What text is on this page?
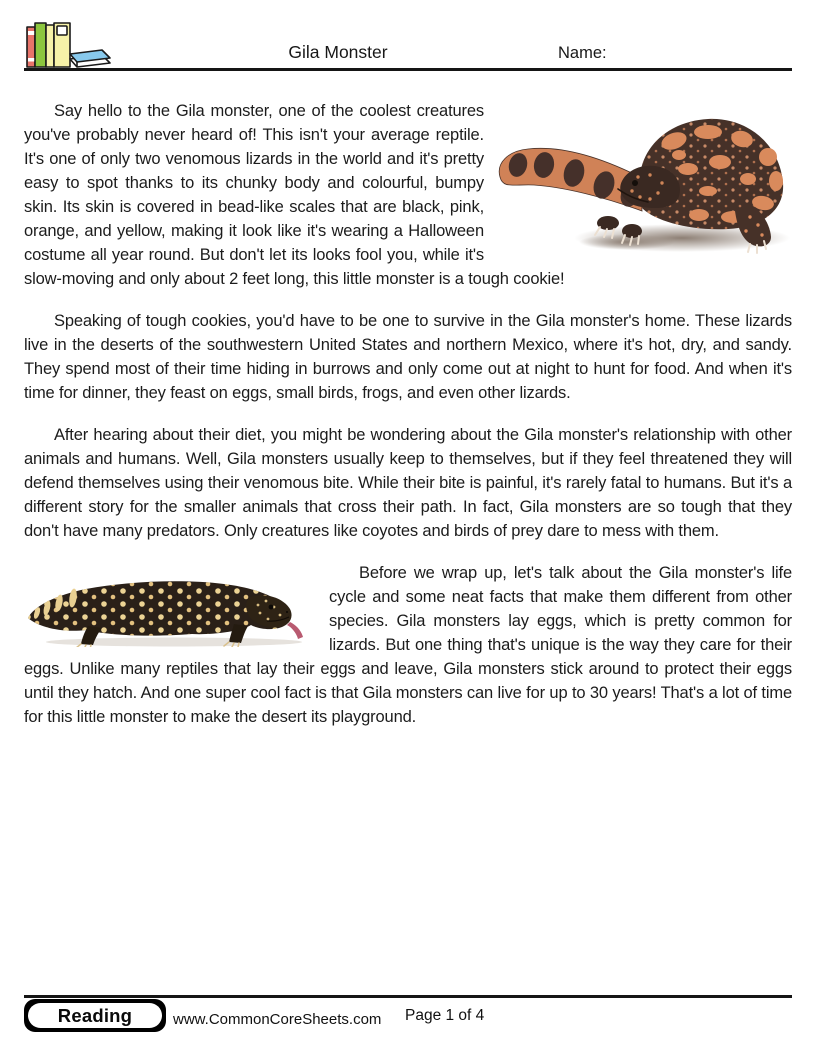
Gila Monster	Name:

Say hello to the Gila monster, one of the coolest creatures you've probably never heard of! This isn't your average reptile. It's one of only two venomous lizards in the world and it's pretty easy to spot thanks to its chunky body and colourful, bumpy skin. Its skin is covered in bead-like scales that are black, pink, orange, and yellow, making it look like it's wearing a Halloween costume all year round. But don't let its looks fool you, while it's slow-moving and only about 2 feet long, this little monster is a tough cookie!

Speaking of tough cookies, you'd have to be one to survive in the Gila monster's home. These lizards live in the deserts of the southwestern United States and northern Mexico, where it's hot, dry, and sandy. They spend most of their time hiding in burrows and only come out at night to hunt for food. And when it's time for dinner, they feast on eggs, small birds, frogs, and even other lizards.

After hearing about their diet, you might be wondering about the Gila monster's relationship with other animals and humans. Well, Gila monsters usually keep to themselves, but if they feel threatened they will defend themselves using their venomous bite. While their bite is painful, it's rarely fatal to humans. But it's a different story for the smaller animals that cross their path. In fact, Gila monsters are so tough that they don't have many predators. Only creatures like coyotes and birds of prey dare to mess with them.

Before we wrap up, let's talk about the Gila monster's life cycle and some neat facts that make them different from other species. Gila monsters lay eggs, which is pretty common for lizards. But one thing that's unique is the way they care for their eggs. Unlike many reptiles that lay their eggs and leave, Gila monsters stick around to protect their eggs until they hatch. And one super cool fact is that Gila monsters can live for up to 30 years! That's a lot of time for this little monster to make the desert its playground.

Reading	www.CommonCoreSheets.com Page 1 of 4
